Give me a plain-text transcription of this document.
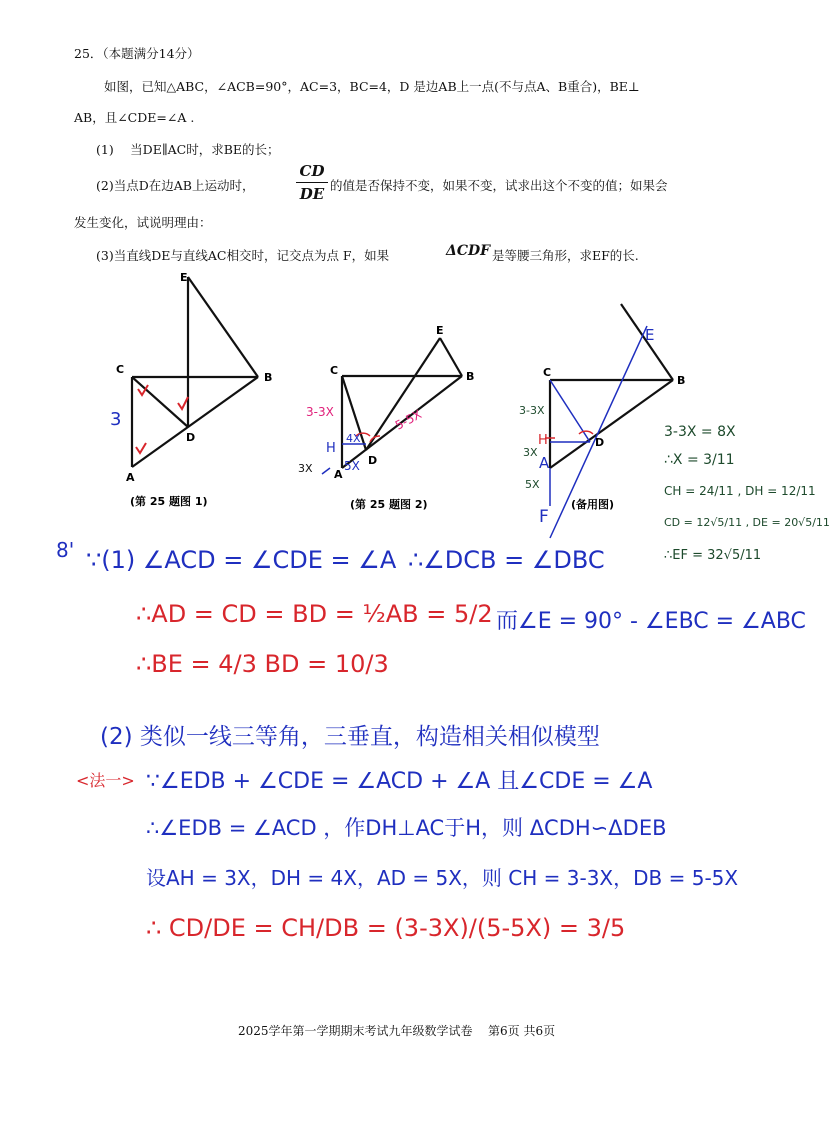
25．（本题满分14分）
如图，已知△ABC，∠ACB=90°，AC=3，BC=4，D 是边AB上一点(不与点A、B重合)，BE⊥
AB，且∠CDE=∠A .
(1)　 当DE∥AC时，求BE的长；
(2)当点D在边AB上运动时，
CD
DE 的值是否保持不变，如果不变，试求出这个不变的值；如果会
发生变化，试说明理由：
(3)当直线DE与直线AC相交时，记交点为点 F，如果	ΔCDF 是等腰三角形，求EF的长.
E
C
B
A
D
3
(第 25 题图 1)
E
C	B
A
D
H
3-3X	5-5X
4X
3X	5X
(第 25 题图 2)
E
C
B
A
D
H
F
3-3X
3X
5X
(备用图)
3-3X = 8X
∴X = 3/11
CH = 24/11 , DH = 12/11
CD = 12√5/11 , DE = 20√5/11
∴EF = 32√5/11
8' ∵(1) ∠ACD = ∠CDE = ∠A ∴∠DCB = ∠DBC
∴AD = CD = BD = ½AB = 5/2 而∠E = 90° - ∠EBC = ∠ABC
∴BE = 4/3 BD = 10/3
(2) 类似一线三等角，三垂直，构造相关相似模型
<法一> ∵∠EDB + ∠CDE = ∠ACD + ∠A 且∠CDE = ∠A
∴∠EDB = ∠ACD ，作DH⊥AC于H，则 ΔCDH∽ΔDEB
设AH = 3X，DH = 4X，AD = 5X，则 CH = 3-3X，DB = 5-5X
∴ CD/DE = CH/DB = (3-3X)/(5-5X) = 3/5
2025学年第一学期期末考试九年级数学试卷 第6页 共6页
